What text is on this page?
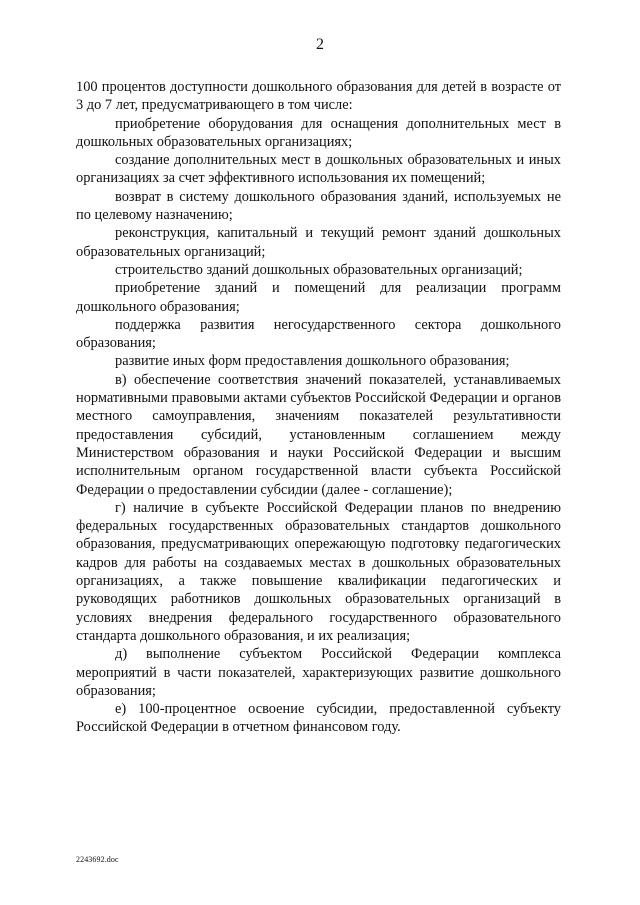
2

100 процентов доступности дошкольного образования для детей в возрасте от 3 до 7 лет, предусматривающего в том числе:

приобретение оборудования для оснащения дополнительных мест в дошкольных образовательных организациях;

создание дополнительных мест в дошкольных образовательных и иных организациях за счет эффективного использования их помещений;

возврат в систему дошкольного образования зданий, используемых не по целевому назначению;

реконструкция, капитальный и текущий ремонт зданий дошкольных образовательных организаций;

строительство зданий дошкольных образовательных организаций;

приобретение зданий и помещений для реализации программ дошкольного образования;

поддержка развития негосударственного сектора дошкольного образования;

развитие иных форм предоставления дошкольного образования;

в) обеспечение соответствия значений показателей, устанавливаемых нормативными правовыми актами субъектов Российской Федерации и органов местного самоуправления, значениям показателей результативности предоставления субсидий, установленным соглашением между Министерством образования и науки Российской Федерации и высшим исполнительным органом государственной власти субъекта Российской Федерации о предоставлении субсидии (далее - соглашение);

г) наличие в субъекте Российской Федерации планов по внедрению федеральных государственных образовательных стандартов дошкольного образования, предусматривающих опережающую подготовку педагогических кадров для работы на создаваемых местах в дошкольных образовательных организациях, а также повышение квалификации педагогических и руководящих работников дошкольных образовательных организаций в условиях внедрения федерального государственного образовательного стандарта дошкольного образования, и их реализация;

д) выполнение субъектом Российской Федерации комплекса мероприятий в части показателей, характеризующих развитие дошкольного образования;

е) 100-процентное освоение субсидии, предоставленной субъекту Российской Федерации в отчетном финансовом году.

2243692.doc
